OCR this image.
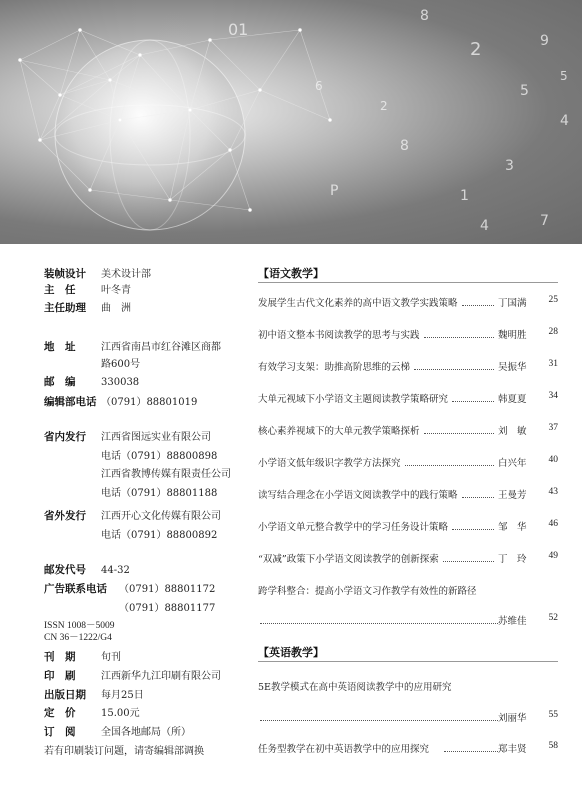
01
8
2	9
8
5
4
3
P	1
4	7
6
2
5
装帧设计 美术设计部
主　任	叶冬青
主任助理 曲　洲
地　址	江西省南昌市红谷滩区商都
路600号
邮　编	330038
编辑部电话 （0791）88801019
省内发行 江西省图远实业有限公司
电话（0791）88800898
江西省教博传媒有限责任公司
电话（0791）88801188
省外发行 江西开心文化传媒有限公司
电话（0791）88800892
邮发代号 44-32
广告联系电话 （0791）88801172
（0791）88801177
ISSN 1008－5009
CN 36－1222/G4
刊　期	旬刊
印　刷	江西新华九江印刷有限公司
出版日期 每月25日
定　价	15.00元
订　阅	全国各地邮局（所）
若有印刷装订问题，请寄编辑部调换
【语文教学】
发展学生古代文化素养的高中语文教学实践策略	丁国满 25
初中语文整本书阅读教学的思考与实践	魏明胜 28
有效学习支架：助推高阶思维的云梯	吴振华 31
大单元视域下小学语文主题阅读教学策略研究	韩夏夏 34
核心素养视域下的大单元教学策略探析	刘　敏 37
小学语文低年级识字教学方法探究	白兴年 40
读写结合理念在小学语文阅读教学中的践行策略	王曼芳 43
小学语文单元整合教学中的学习任务设计策略	邹　华 46
“双减”政策下小学语文阅读教学的创新探索	丁　玲 49
跨学科整合：提高小学语文习作教学有效性的新路径
苏维佳 52
【英语教学】
5E教学模式在高中英语阅读教学中的应用研究
刘丽华 55
任务型教学在初中英语教学中的应用探究	郑丰贤 58
